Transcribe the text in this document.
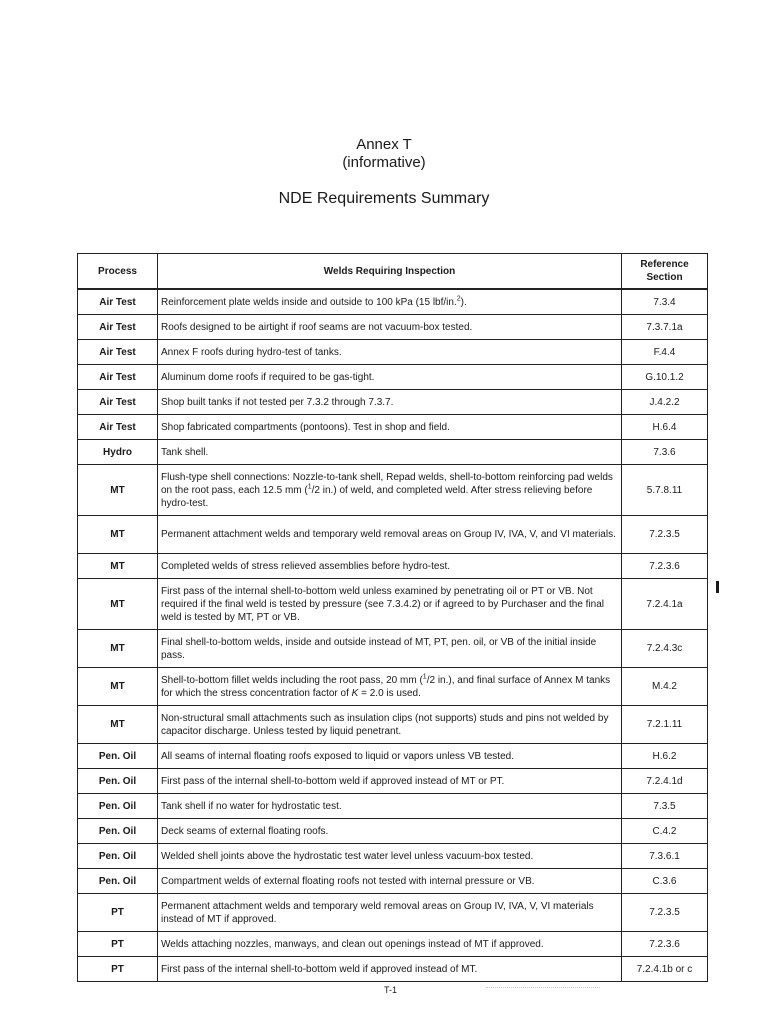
Annex T
(informative)
NDE Requirements Summary
Process	Welds Requiring Inspection	Reference
Section
Air Test	Reinforcement plate welds inside and outside to 100 kPa (15 lbf/in.$^2$).	7.3.4
Air Test	Roofs designed to be airtight if roof seams are not vacuum-box tested.	7.3.7.1a
Air Test	Annex F roofs during hydro-test of tanks.	F.4.4
Air Test	Aluminum dome roofs if required to be gas-tight.	G.10.1.2
Air Test	Shop built tanks if not tested per 7.3.2 through 7.3.7.	J.4.2.2
Air Test	Shop fabricated compartments (pontoons). Test in shop and field.	H.6.4
Hydro	Tank shell.	7.3.6
MT	Flush-type shell connections: Nozzle-to-tank shell, Repad welds, shell-to-bottom reinforcing pad welds on the root pass, each 12.5 mm ($^1$/2 in.) of weld, and completed weld. After stress relieving before hydro-test.	5.7.8.11
MT	Permanent attachment welds and temporary weld removal areas on Group IV, IVA, V, and VI materials.	7.2.3.5
MT	Completed welds of stress relieved assemblies before hydro-test.	7.2.3.6
MT	First pass of the internal shell-to-bottom weld unless examined by penetrating oil or PT or VB. Not required if the final weld is tested by pressure (see 7.3.4.2) or if agreed to by Purchaser and the final weld is tested by MT, PT or VB.	7.2.4.1a
MT	Final shell-to-bottom welds, inside and outside instead of MT, PT, pen. oil, or VB of the initial inside pass.	7.2.4.3c
MT	Shell-to-bottom fillet welds including the root pass, 20 mm ($^1$/2 in.), and final surface of Annex M tanks for which the stress concentration factor of K = 2.0 is used.	M.4.2
MT	Non-structural small attachments such as insulation clips (not supports) studs and pins not welded by capacitor discharge. Unless tested by liquid penetrant.	7.2.1.11
Pen. Oil	All seams of internal floating roofs exposed to liquid or vapors unless VB tested.	H.6.2
Pen. Oil	First pass of the internal shell-to-bottom weld if approved instead of MT or PT.	7.2.4.1d
Pen. Oil	Tank shell if no water for hydrostatic test.	7.3.5
Pen. Oil	Deck seams of external floating roofs.	C.4.2
Pen. Oil	Welded shell joints above the hydrostatic test water level unless vacuum-box tested.	7.3.6.1
Pen. Oil	Compartment welds of external floating roofs not tested with internal pressure or VB.	C.3.6
PT	Permanent attachment welds and temporary weld removal areas on Group IV, IVA, V, VI materials instead of MT if approved.	7.2.3.5
PT	Welds attaching nozzles, manways, and clean out openings instead of MT if approved.	7.2.3.6
PT	First pass of the internal shell-to-bottom weld if approved instead of MT.	7.2.4.1b or c
T-1
